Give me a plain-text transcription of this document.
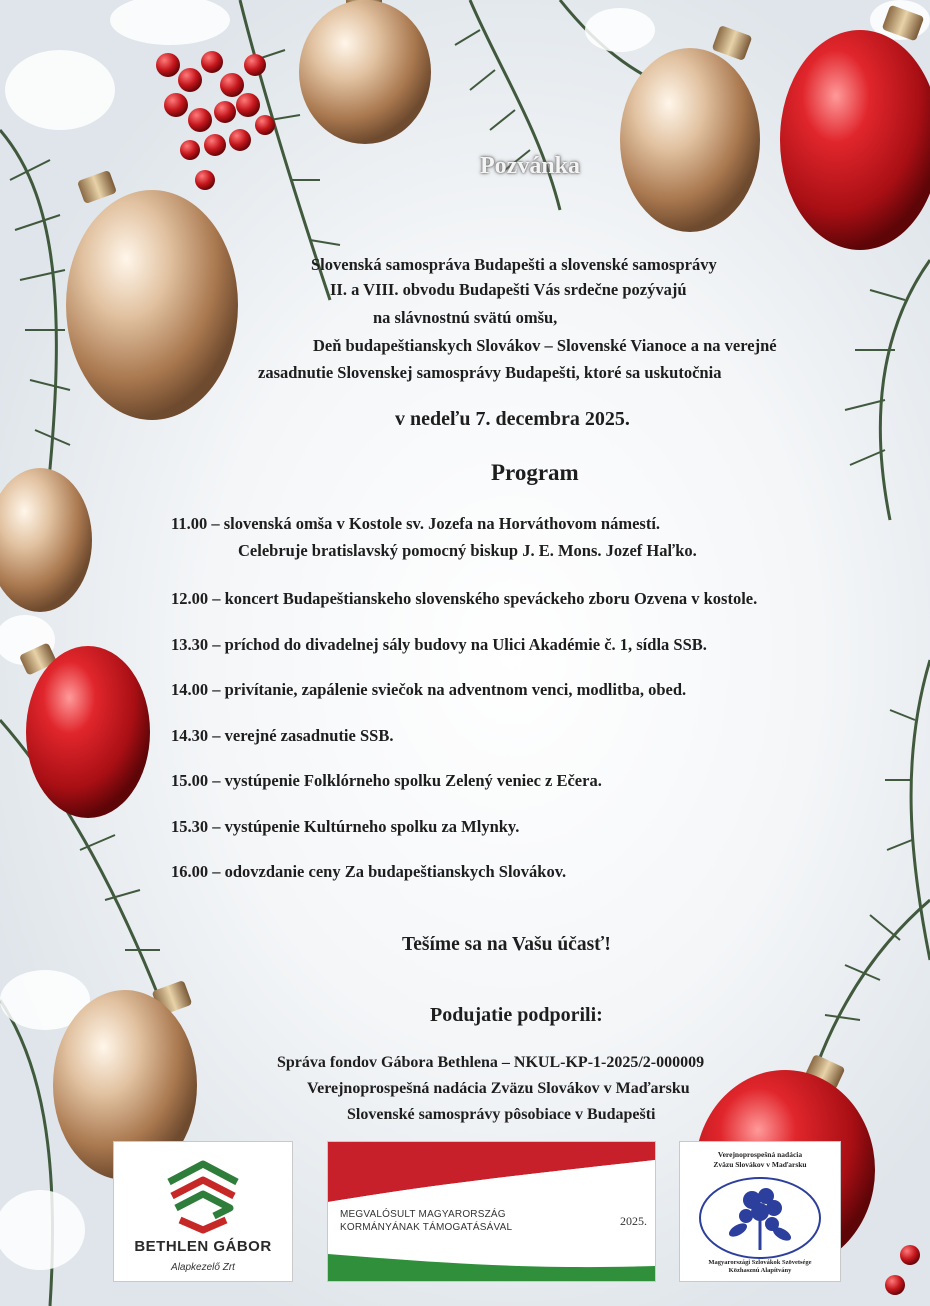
Pozvánka
Slovenská samospráva Budapešti a slovenské samosprávy
II. a VIII. obvodu Budapešti Vás srdečne pozývajú
na slávnostnú svätú omšu,
Deň budapeštianskych Slovákov – Slovenské Vianoce a na verejné
zasadnutie Slovenskej samosprávy Budapešti, ktoré sa uskutočnia
v nedeľu 7. decembra 2025.
Program
11.00 – slovenská omša v Kostole sv. Jozefa na Horváthovom námestí.
Celebruje bratislavský pomocný biskup J. E. Mons. Jozef Haľko.
12.00 – koncert Budapeštianskeho slovenského speváckeho zboru Ozvena v kostole.
13.30 – príchod do divadelnej sály budovy na Ulici Akadémie č. 1, sídla SSB.
14.00 – privítanie, zapálenie sviečok na adventnom venci, modlitba, obed.
14.30 – verejné zasadnutie SSB.
15.00 – vystúpenie Folklórneho spolku Zelený veniec z Ečera.
15.30 – vystúpenie Kultúrneho spolku za Mlynky.
16.00 – odovzdanie ceny Za budapeštianskych Slovákov.
Tešíme sa na Vašu účasť!
Podujatie podporili:
Správa fondov Gábora Bethlena – NKUL-KP-1-2025/2-000009
Verejnoprospešná nadácia Zväzu Slovákov v Maďarsku
Slovenské samosprávy pôsobiace v Budapešti
BETHLEN GÁBOR
Alapkezelő Zrt
MEGVALÓSULT MAGYARORSZÁG
KORMÁNYÁNAK TÁMOGATÁSÁVAL	2025.
Verejnoprospešná nadácia
Zväzu Slovákov v Maďarsku
Magyarországi Szlovákok Szövetsége
Közhasznú Alapítvány
